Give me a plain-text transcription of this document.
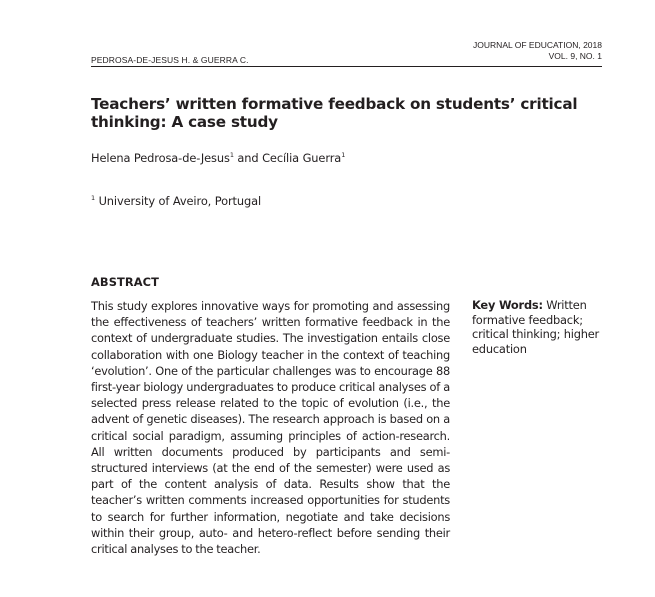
PEDROSA-DE-JESUS H. & GUERRA C.
JOURNAL OF EDUCATION, 2018
VOL. 9, NO. 1
Teachers’ written formative feedback on students’ critical thinking: A case study
Helena Pedrosa-de-Jesus$^1$ and Cecília Guerra$^1$
$^1$ University of Aveiro, Portugal
ABSTRACT

This study explores innovative ways for promoting and assessing the effectiveness of teachers’ written formative feedback in the context of undergraduate studies. The investigation entails close collaboration with one Biology teacher in the context of teaching ‘evolution’. One of the particular challenges was to encourage 88 first-year biology undergraduates to produce critical analyses of a selected press release related to the topic of evolution (i.e., the advent of genetic diseases). The research approach is based on a critical social paradigm, assuming principles of action-research. All written documents produced by participants and semi-structured interviews (at the end of the semester) were used as part of the content analysis of data. Results show that the teacher’s written comments increased opportunities for students to search for further information, negotiate and take decisions within their group, auto- and hetero-reflect before sending their critical analyses to the teacher.

Key Words: Written formative feedback; critical thinking; higher education
